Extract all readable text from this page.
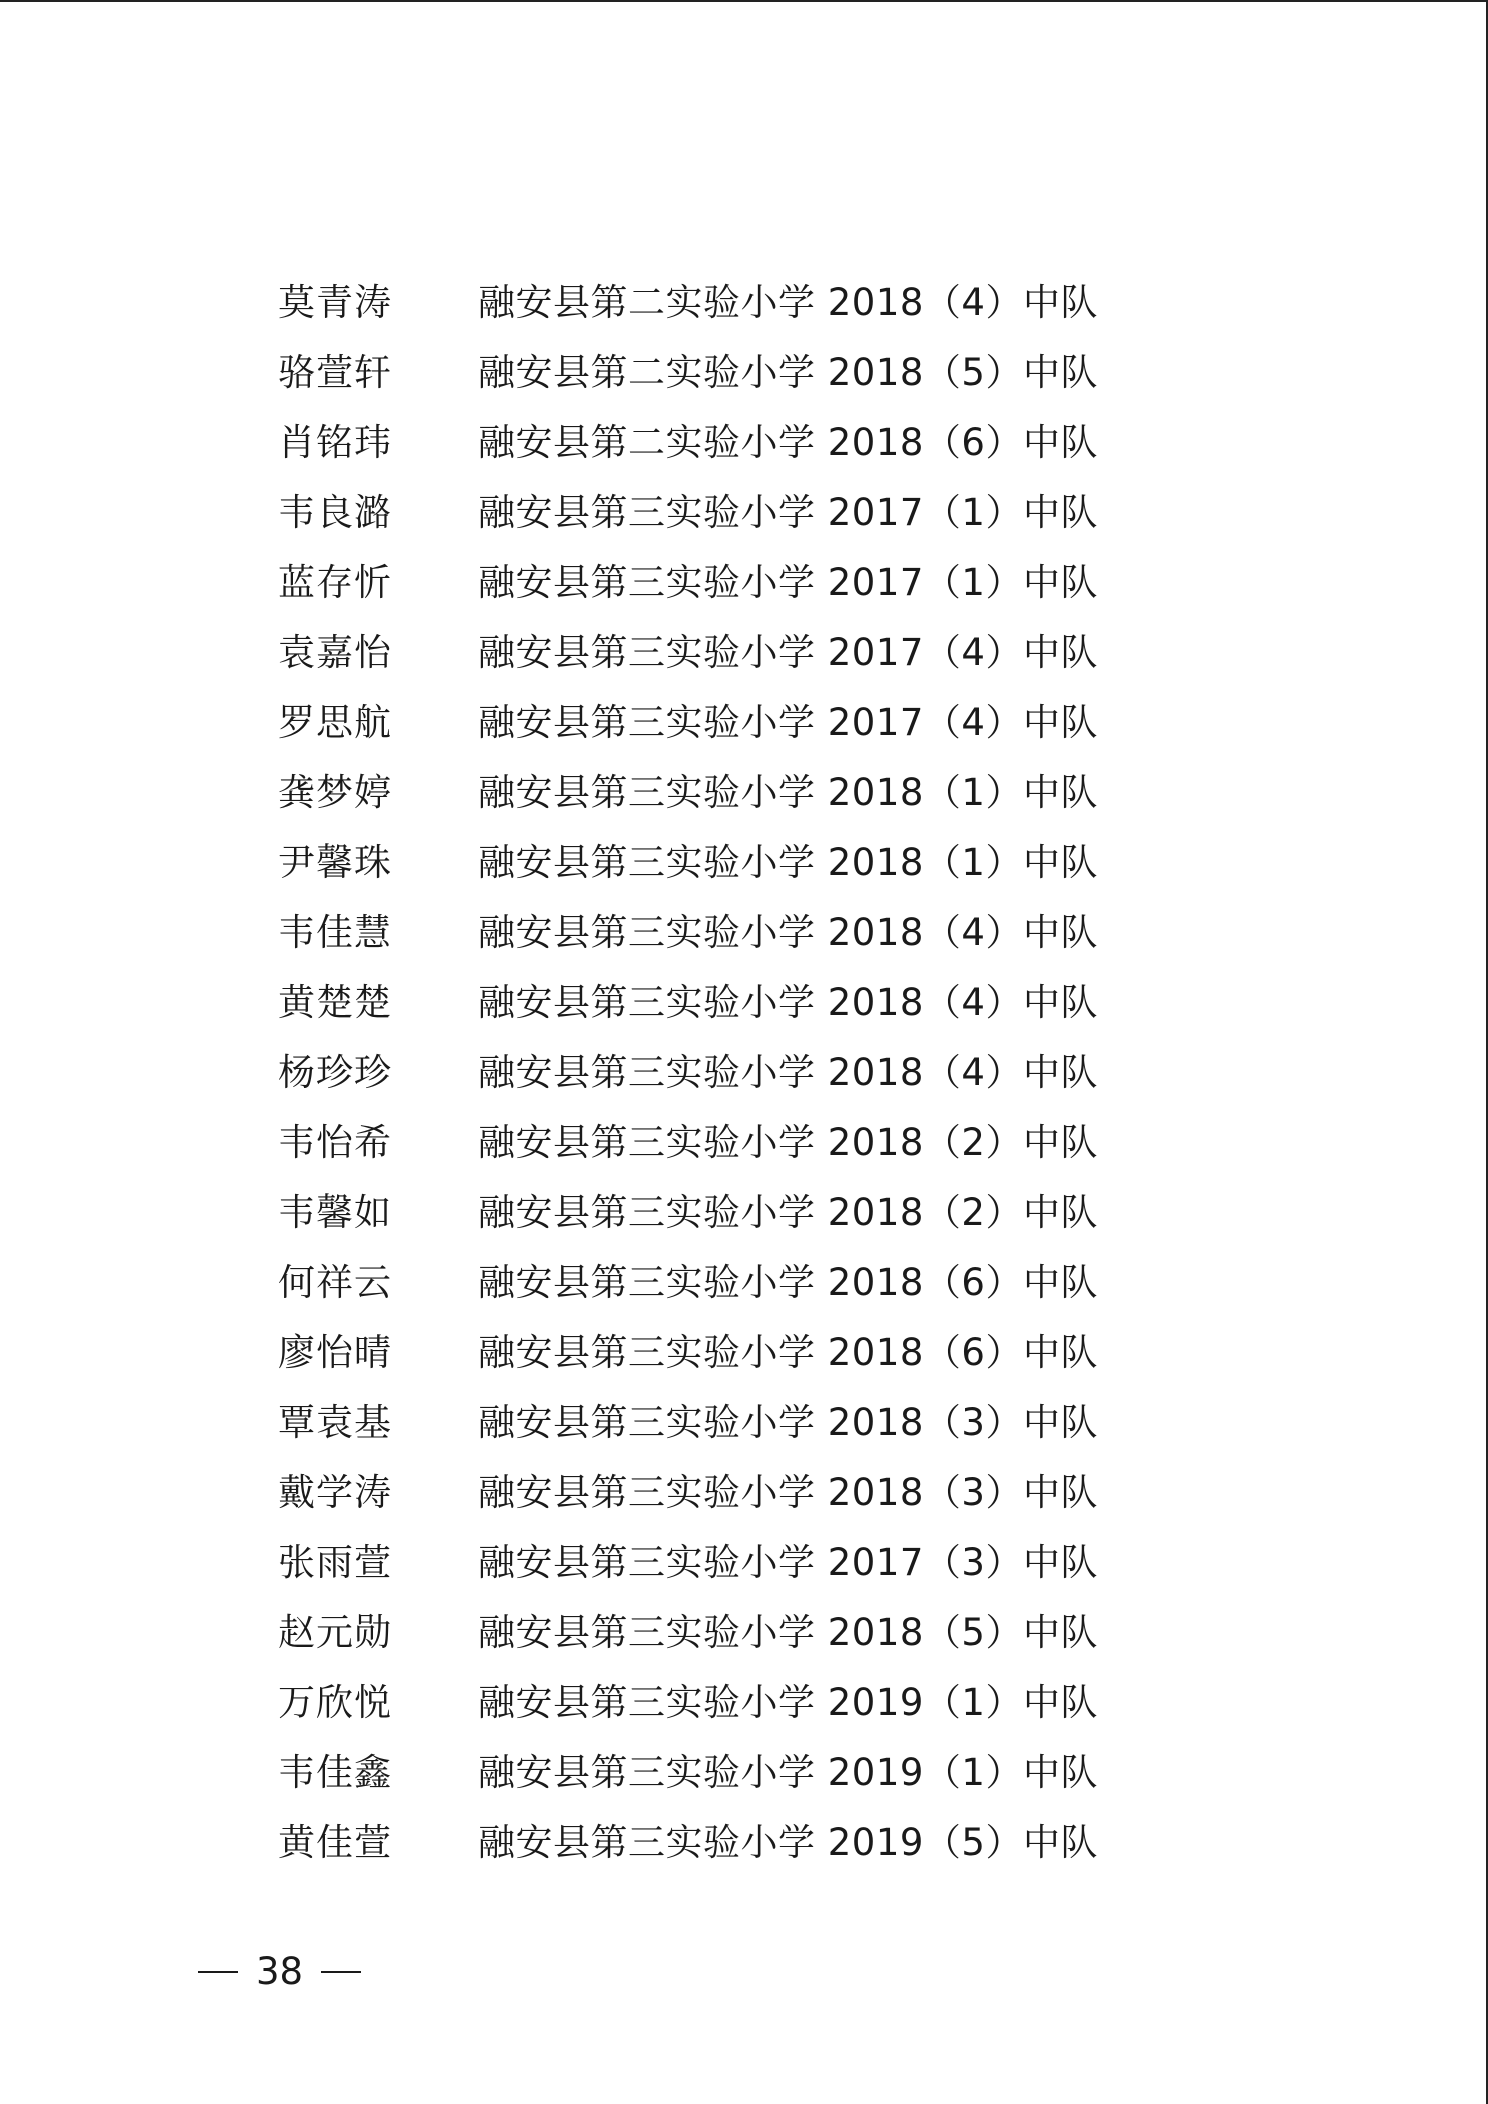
莫青涛	融安县第二实验小学 2018（4）中队
骆萱轩	融安县第二实验小学 2018（5）中队
肖铭玮	融安县第二实验小学 2018（6）中队
韦良潞	融安县第三实验小学 2017（1）中队
蓝存忻	融安县第三实验小学 2017（1）中队
袁嘉怡	融安县第三实验小学 2017（4）中队
罗思航	融安县第三实验小学 2017（4）中队
龚梦婷	融安县第三实验小学 2018（1）中队
尹馨珠	融安县第三实验小学 2018（1）中队
韦佳慧	融安县第三实验小学 2018（4）中队
黄楚楚	融安县第三实验小学 2018（4）中队
杨珍珍	融安县第三实验小学 2018（4）中队
韦怡希	融安县第三实验小学 2018（2）中队
韦馨如	融安县第三实验小学 2018（2）中队
何祥云	融安县第三实验小学 2018（6）中队
廖怡晴	融安县第三实验小学 2018（6）中队
覃袁基	融安县第三实验小学 2018（3）中队
戴学涛	融安县第三实验小学 2018（3）中队
张雨萱	融安县第三实验小学 2017（3）中队
赵元勋	融安县第三实验小学 2018（5）中队
万欣悦	融安县第三实验小学 2019（1）中队
韦佳鑫	融安县第三实验小学 2019（1）中队
黄佳萱	融安县第三实验小学 2019（5）中队
38
